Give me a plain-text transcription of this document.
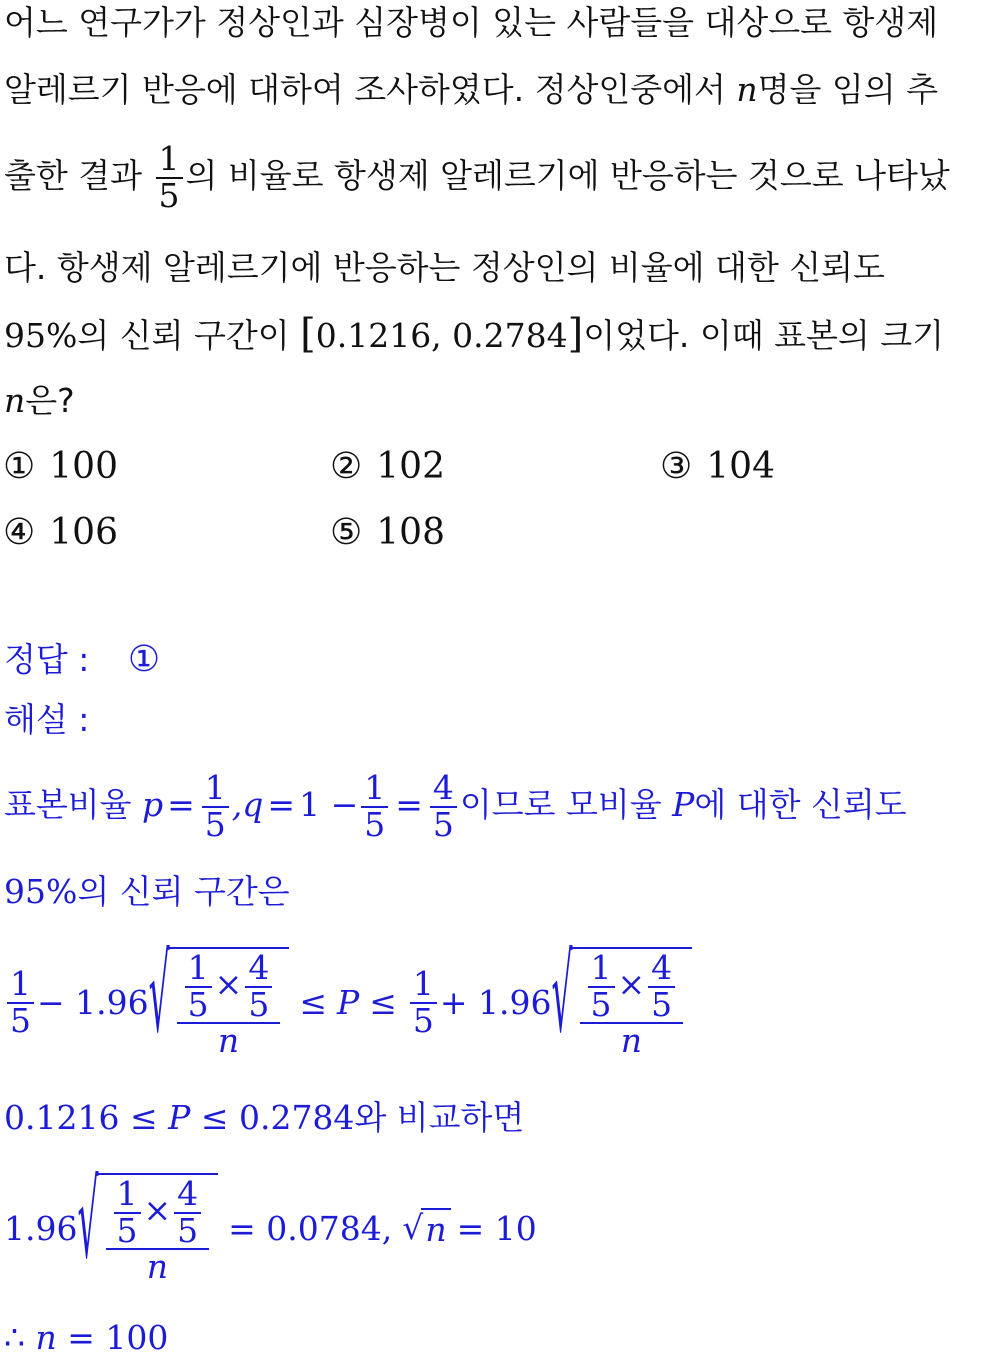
어느 연구가가 정상인과 심장병이 있는 사람들을 대상으로 항생제
알레르기 반응에 대하여 조사하였다. 정상인중에서 n명을 임의 추
출한 결과 $\frac{1}{5}$ 의 비율로 항생제 알레르기에 반응하는 것으로 나타났
다. 항생제 알레르기에 반응하는 정상인의 비율에 대한 신뢰도
95%의 신뢰 구간이 [0.1216, 0.2784]이었다. 이때 표본의 크기
n은?
① 100	② 102	③ 104
④ 106	⑤ 108
정답 : ①
해설 :
표본비율 $p = \frac{1}{5} ,q = 1 - \frac{1}{5} = \frac{4}{5}$ 이므로 모비율 P에 대한 신뢰도
95%의 신뢰 구간은
$\frac{1}{5} - 1.96$ √ $\frac{\frac{1}{5} \times \frac{4}{5}}{n} \le P \le \frac{1}{5} + 1.96$ √ $\frac{\frac{1}{5} \times \frac{4}{5}}{n}$
0.1216 ≤ P ≤ 0.2784와 비교하면
1.96 √ $\frac{\frac{1}{5} \times \frac{4}{5}}{n} = 0.0784$, √ n = 10
∴ n = 100
